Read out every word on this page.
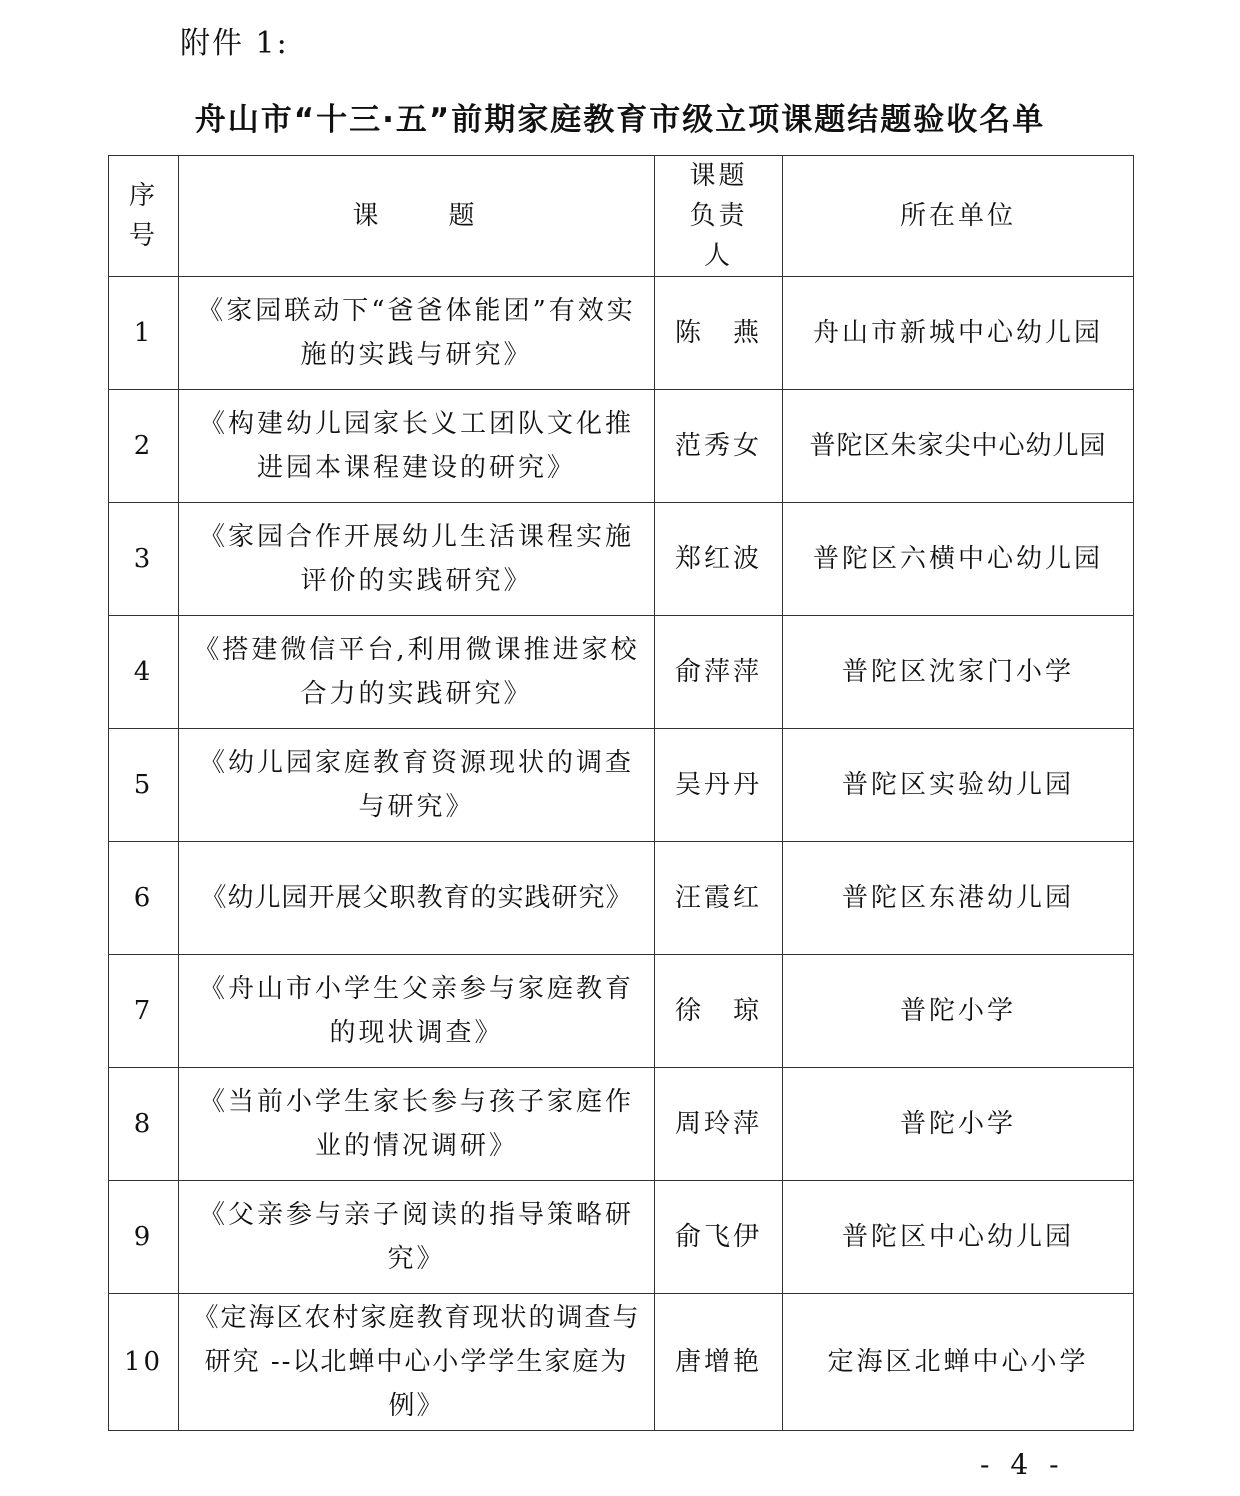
附件 1:
舟山市“十三·五”前期家庭教育市级立项课题结题验收名单
序号	课　　题	课题负责人	所在单位
1	《家园联动下“爸爸体能团”有效实施的实践与研究》	陈　燕	舟山市新城中心幼儿园
2	《构建幼儿园家长义工团队文化推进园本课程建设的研究》	范秀女	普陀区朱家尖中心幼儿园
3	《家园合作开展幼儿生活课程实施评价的实践研究》	郑红波	普陀区六横中心幼儿园
4	《搭建微信平台,利用微课推进家校合力的实践研究》	俞萍萍	普陀区沈家门小学
5	《幼儿园家庭教育资源现状的调查与研究》	吴丹丹	普陀区实验幼儿园
6	《幼儿园开展父职教育的实践研究》	汪霞红	普陀区东港幼儿园
7	《舟山市小学生父亲参与家庭教育的现状调查》	徐　琼	普陀小学
8	《当前小学生家长参与孩子家庭作业的情况调研》	周玲萍	普陀小学
9	《父亲参与亲子阅读的指导策略研究》	俞飞伊	普陀区中心幼儿园
10	《定海区农村家庭教育现状的调查与研究 --以北蝉中心小学学生家庭为例》	唐增艳	定海区北蝉中心小学
- 4 -
